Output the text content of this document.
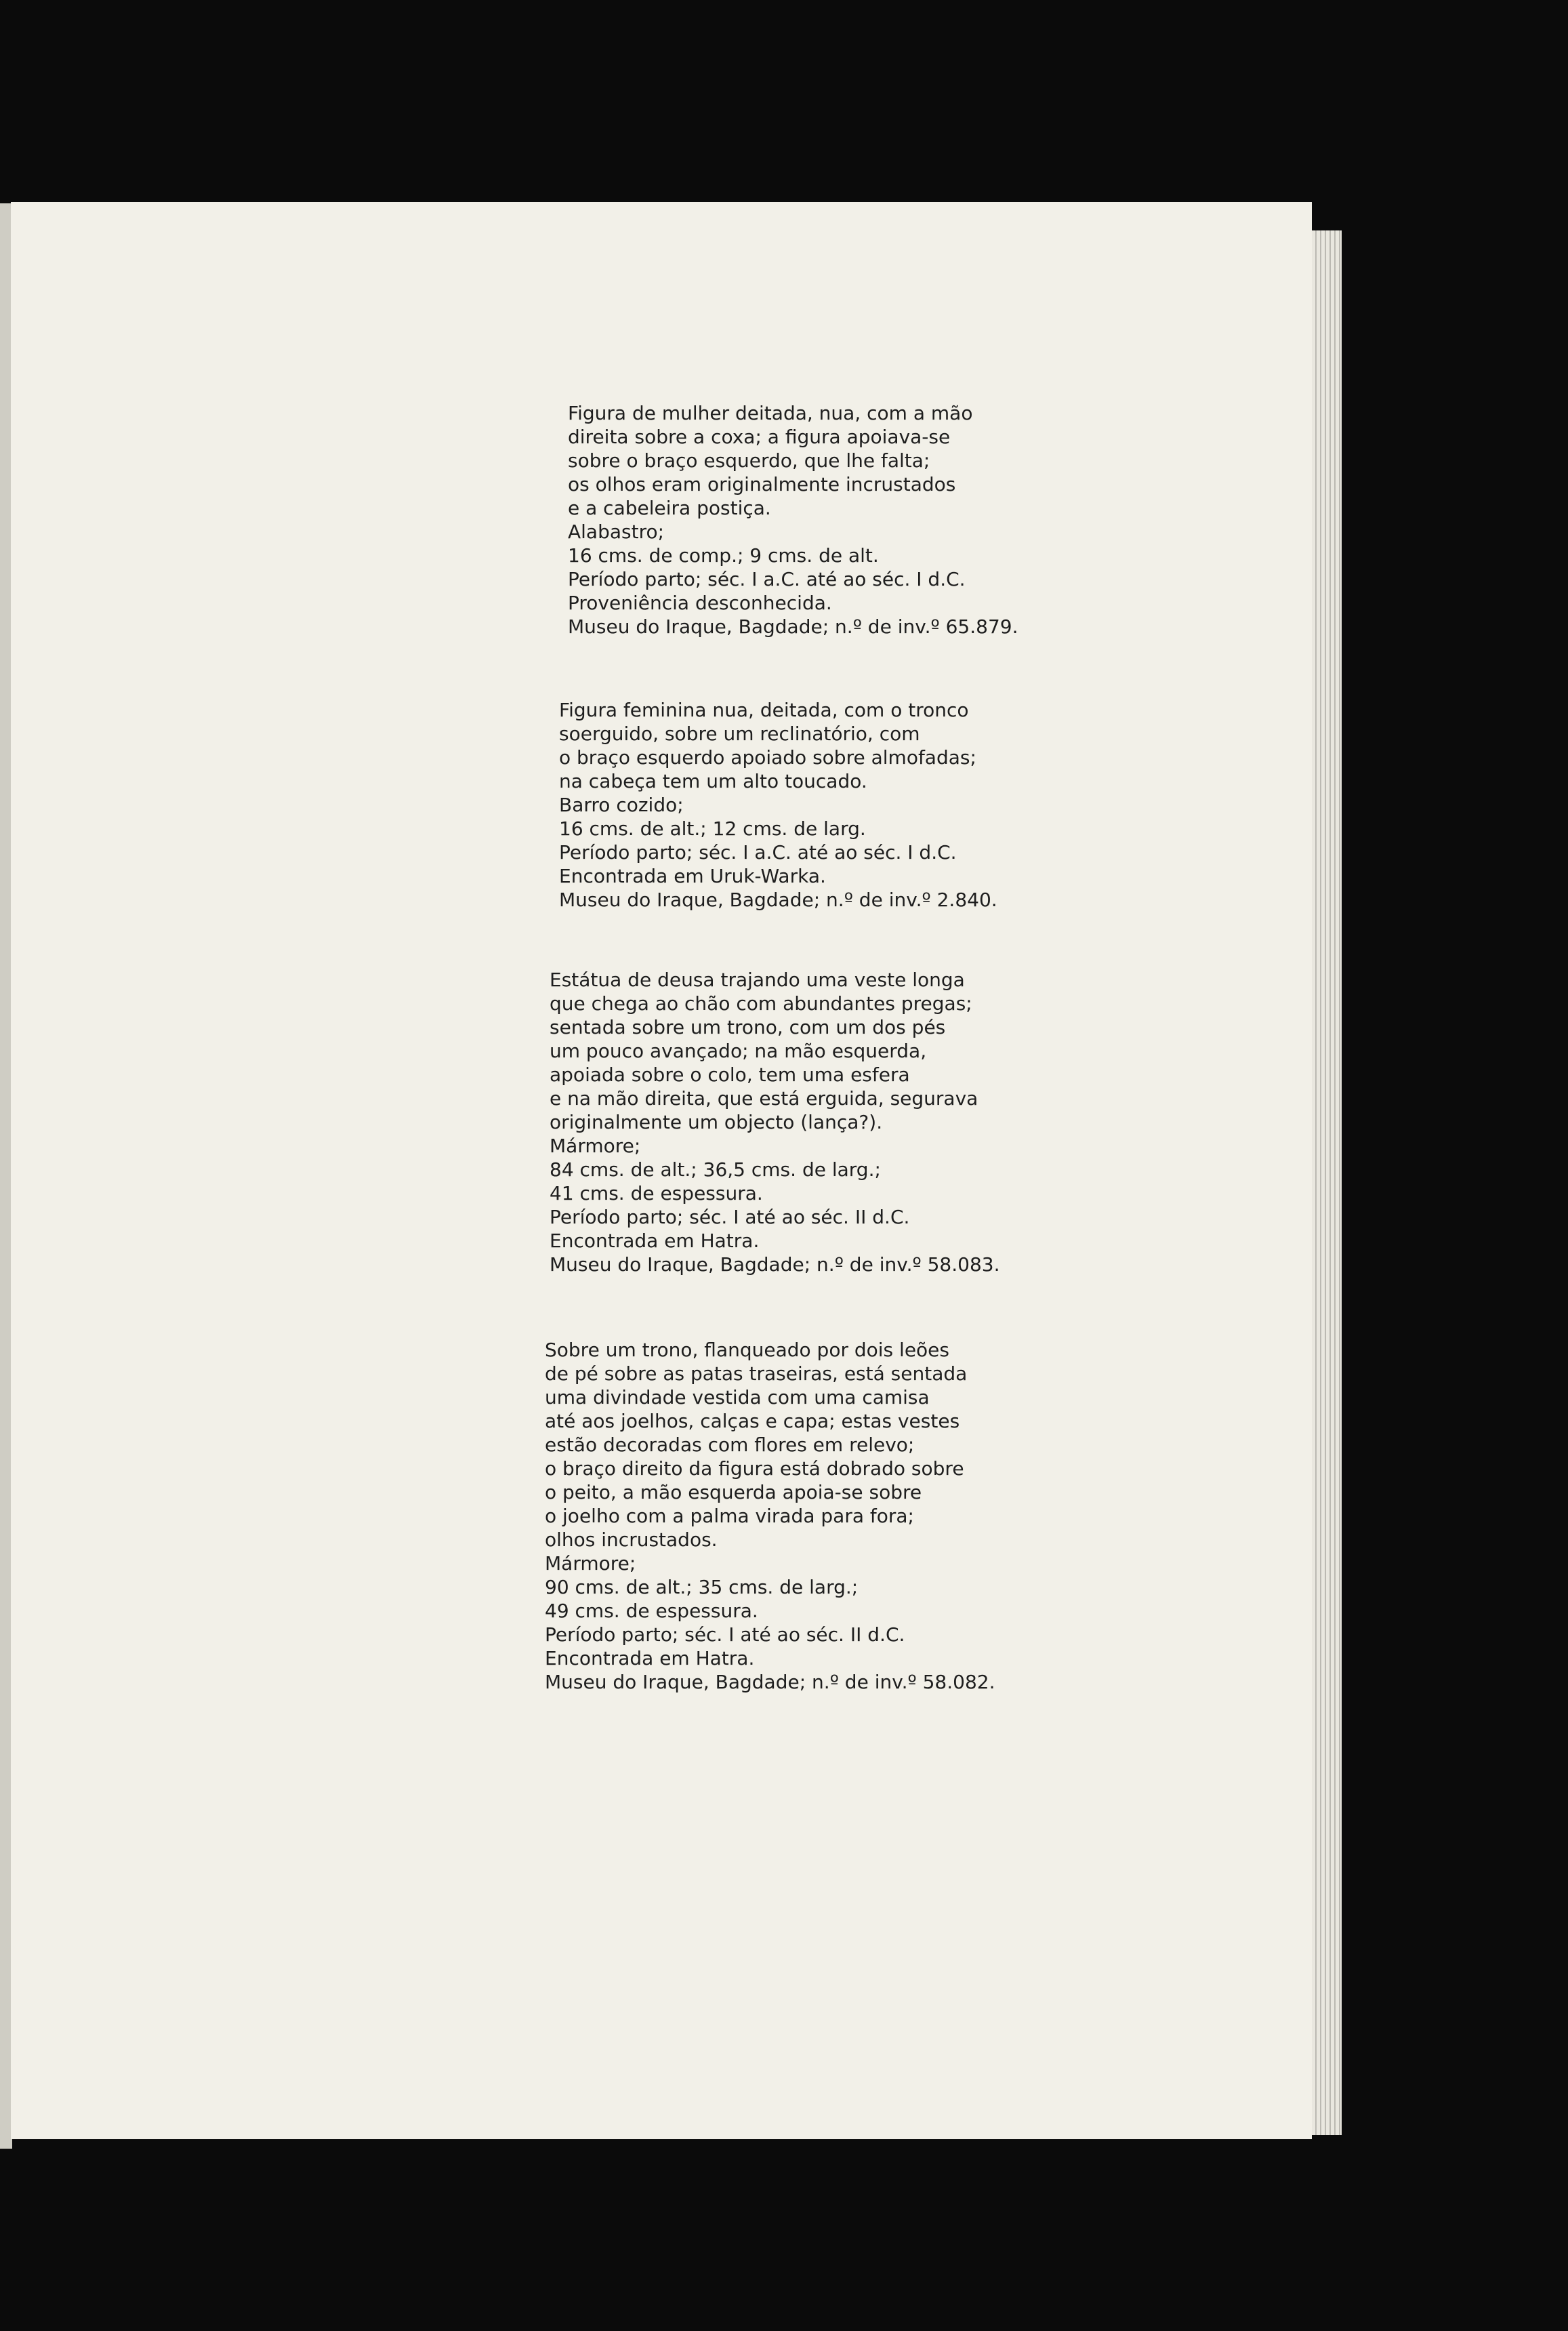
Figura de mulher deitada, nua, com a mão
direita sobre a coxa; a figura apoiava-se
sobre o braço esquerdo, que lhe falta;
os olhos eram originalmente incrustados
e a cabeleira postiça.
Alabastro;
16 cms. de comp.; 9 cms. de alt.
Período parto; séc. I a.C. até ao séc. I d.C.
Proveniência desconhecida.
Museu do Iraque, Bagdade; n.º de inv.º 65.879.
Figura feminina nua, deitada, com o tronco
soerguido, sobre um reclinatório, com
o braço esquerdo apoiado sobre almofadas;
na cabeça tem um alto toucado.
Barro cozido;
16 cms. de alt.; 12 cms. de larg.
Período parto; séc. I a.C. até ao séc. I d.C.
Encontrada em Uruk-Warka.
Museu do Iraque, Bagdade; n.º de inv.º 2.840.
Estátua de deusa trajando uma veste longa
que chega ao chão com abundantes pregas;
sentada sobre um trono, com um dos pés
um pouco avançado; na mão esquerda,
apoiada sobre o colo, tem uma esfera
e na mão direita, que está erguida, segurava
originalmente um objecto (lança?).
Mármore;
84 cms. de alt.; 36,5 cms. de larg.;
41 cms. de espessura.
Período parto; séc. I até ao séc. II d.C.
Encontrada em Hatra.
Museu do Iraque, Bagdade; n.º de inv.º 58.083.
Sobre um trono, flanqueado por dois leões
de pé sobre as patas traseiras, está sentada
uma divindade vestida com uma camisa
até aos joelhos, calças e capa; estas vestes
estão decoradas com flores em relevo;
o braço direito da figura está dobrado sobre
o peito, a mão esquerda apoia-se sobre
o joelho com a palma virada para fora;
olhos incrustados.
Mármore;
90 cms. de alt.; 35 cms. de larg.;
49 cms. de espessura.
Período parto; séc. I até ao séc. II d.C.
Encontrada em Hatra.
Museu do Iraque, Bagdade; n.º de inv.º 58.082.
